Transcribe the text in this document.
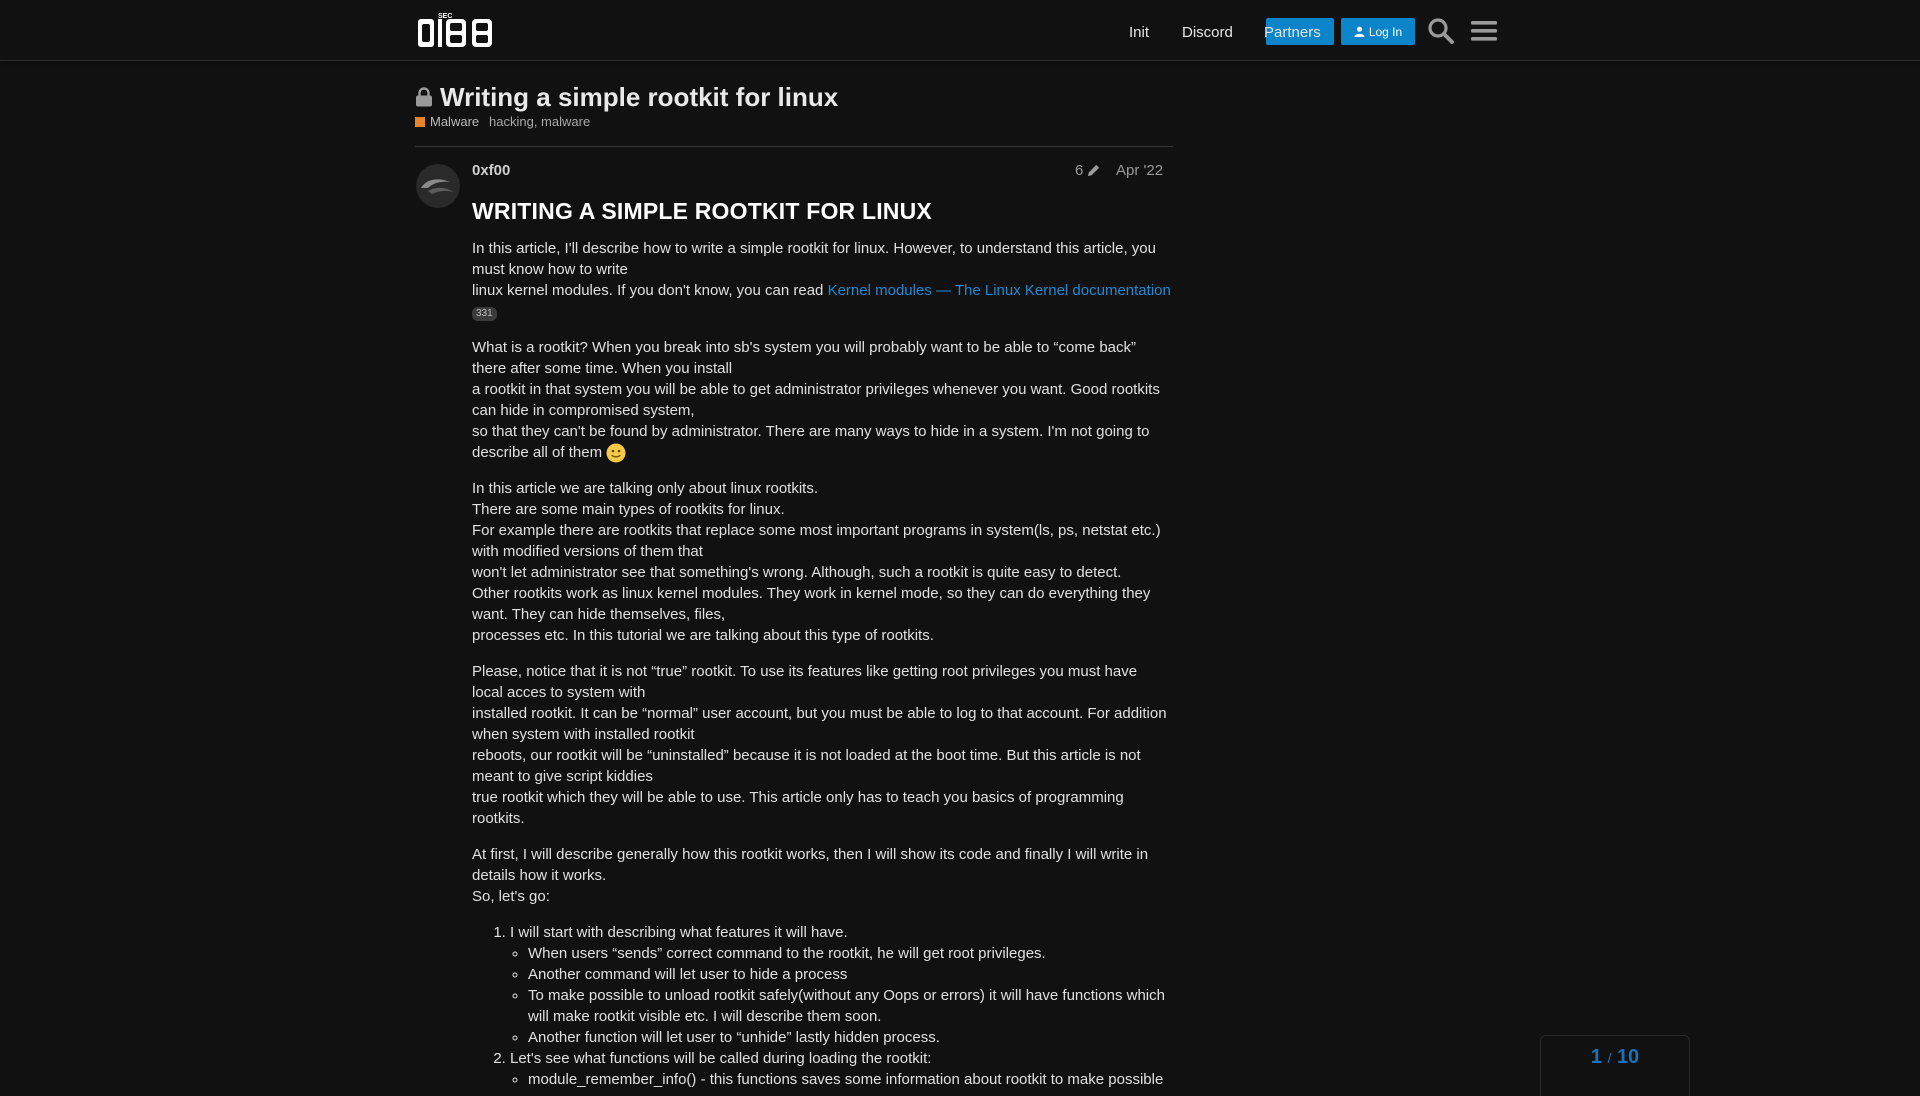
SEC
Init Discord Partners	Log In
Writing a simple rootkit for linux
Malware hacking, malware
0xf00	6 Apr '22
WRITING A SIMPLE ROOTKIT FOR LINUX

In this article, I'll describe how to write a simple rootkit for linux. However, to understand this article, you must know how to write
linux kernel modules. If you don't know, you can read Kernel modules — The Linux Kernel documentation 331

What is a rootkit? When you break into sb's system you will probably want to be able to “come back” there after some time. When you install
a rootkit in that system you will be able to get administrator privileges whenever you want. Good rootkits can hide in compromised system,
so that they can't be found by administrator. There are many ways to hide in a system. I'm not going to describe all of them

In this article we are talking only about linux rootkits.
There are some main types of rootkits for linux.
For example there are rootkits that replace some most important programs in system(ls, ps, netstat etc.) with modified versions of them that
won't let administrator see that something's wrong. Although, such a rootkit is quite easy to detect.
Other rootkits work as linux kernel modules. They work in kernel mode, so they can do everything they want. They can hide themselves, files,
processes etc. In this tutorial we are talking about this type of rootkits.

Please, notice that it is not “true” rootkit. To use its features like getting root privileges you must have local acces to system with
installed rootkit. It can be “normal” user account, but you must be able to log to that account. For addition when system with installed rootkit
reboots, our rootkit will be “uninstalled” because it is not loaded at the boot time. But this article is not meant to give script kiddies
true rootkit which they will be able to use. This article only has to teach you basics of programming rootkits.

At first, I will describe generally how this rootkit works, then I will show its code and finally I will write in details how it works.
So, let's go:

1. I will start with describing what features it will have.
◦ When users “sends” correct command to the rootkit, he will get root privileges.
◦ Another command will let user to hide a process
◦ To make possible to unload rootkit safely(without any Oops or errors) it will have functions which will make rootkit visible etc. I will describe them soon.
◦ Another function will let user to “unhide” lastly hidden process.
2. Let's see what functions will be called during loading the rootkit:
◦ module_remember_info() - this functions saves some information about rootkit to make possible
1 / 10
